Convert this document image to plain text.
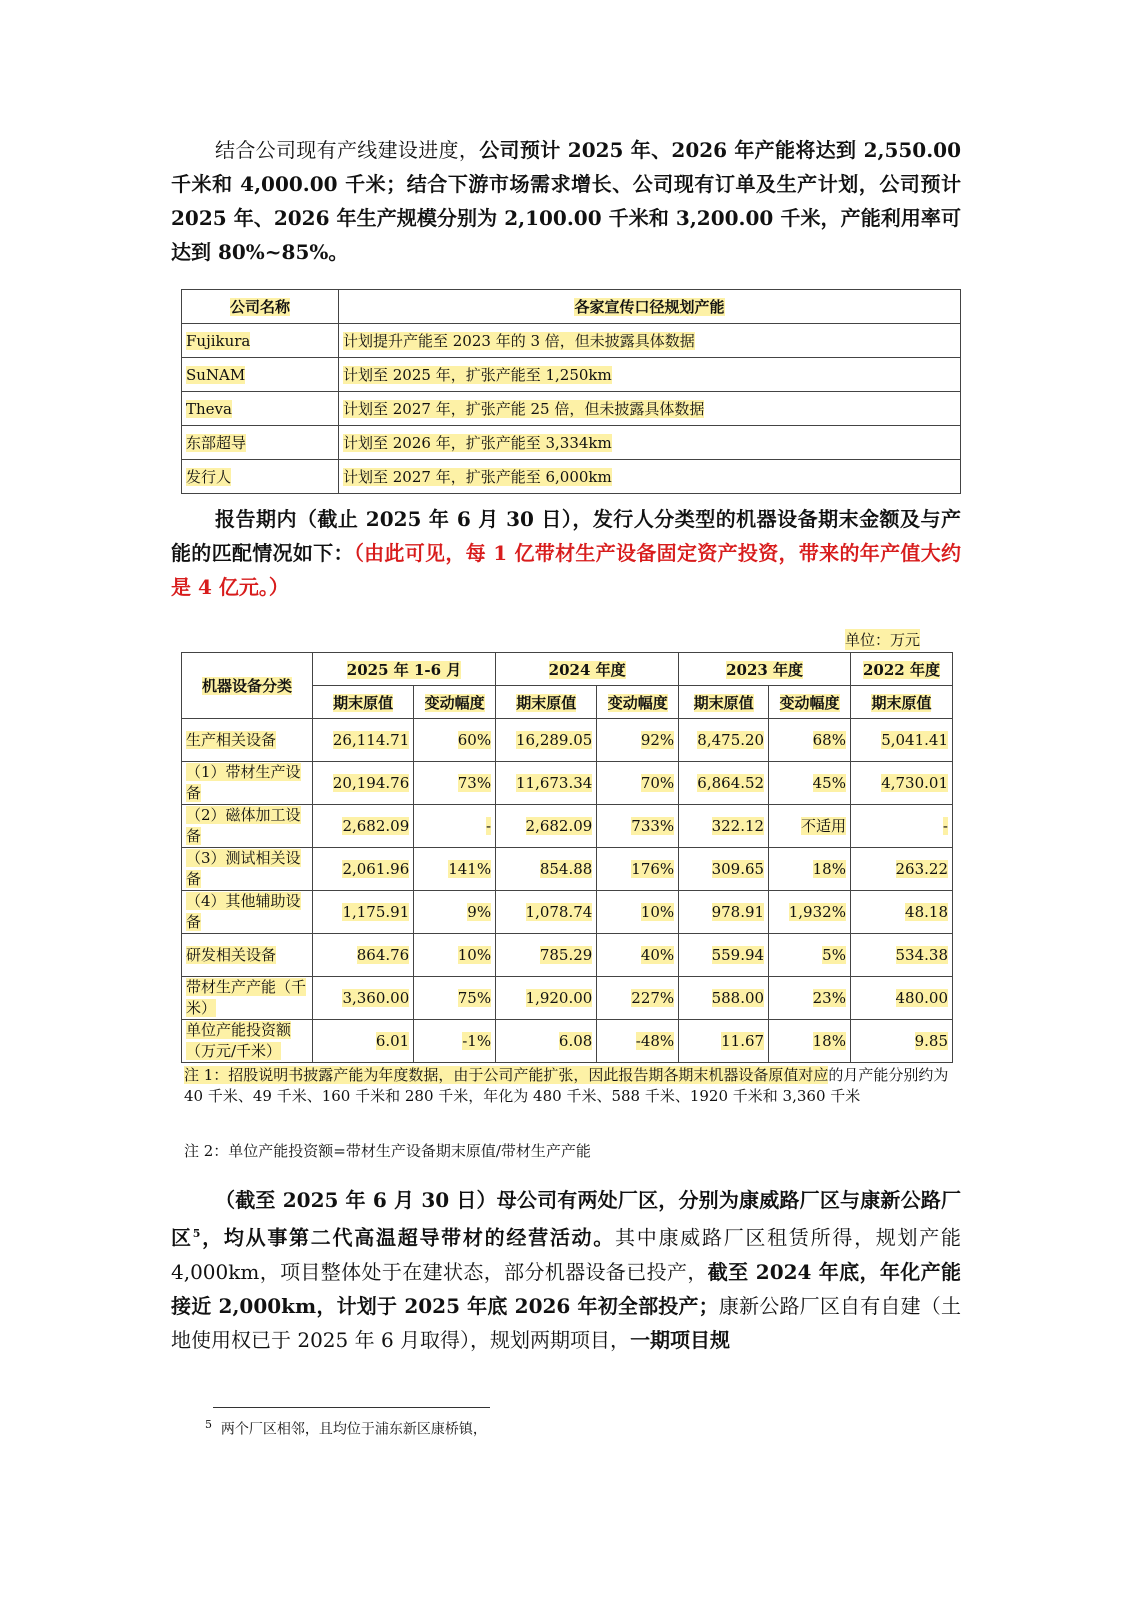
结合公司现有产线建设进度，公司预计 2025 年、2026 年产能将达到 2,550.00 千米和 4,000.00 千米；结合下游市场需求增长、公司现有订单及生产计划，公司预计 2025 年、2026 年生产规模分别为 2,100.00 千米和 3,200.00 千米，产能利用率可达到 80%~85%。

公司名称	各家宣传口径规划产能
Fujikura	计划提升产能至 2023 年的 3 倍，但未披露具体数据
SuNAM	计划至 2025 年，扩张产能至 1,250km
Theva	计划至 2027 年，扩张产能 25 倍，但未披露具体数据
东部超导	计划至 2026 年，扩张产能至 3,334km
发行人	计划至 2027 年，扩张产能至 6,000km

报告期内（截止 2025 年 6 月 30 日），发行人分类型的机器设备期末金额及与产能的匹配情况如下：（由此可见，每 1 亿带材生产设备固定资产投资，带来的年产值大约是 4 亿元。）

单位：万元
机器设备分类	2025 年 1-6 月		2024 年度		2023 年度		2022 年度
	期末原值	变动幅度	期末原值	变动幅度	期末原值	变动幅度	期末原值
生产相关设备	26,114.71	60%	16,289.05	92%	8,475.20	68%	5,041.41
（1）带材生产设备	20,194.76	73%	11,673.34	70%	6,864.52	45%	4,730.01
（2）磁体加工设备	2,682.09	-	2,682.09	733%	322.12	不适用	-
（3）测试相关设备	2,061.96	141%	854.88	176%	309.65	18%	263.22
（4）其他辅助设备	1,175.91	9%	1,078.74	10%	978.91	1,932%	48.18
研发相关设备	864.76	10%	785.29	40%	559.94	5%	534.38
带材生产产能（千米）	3,360.00	75%	1,920.00	227%	588.00	23%	480.00
单位产能投资额（万元/千米）	6.01	-1%	6.08	-48%	11.67	18%	9.85

注 1：招股说明书披露产能为年度数据，由于公司产能扩张，因此报告期各期末机器设备原值对应的月产能分别约为 40 千米、49 千米、160 千米和 280 千米，年化为 480 千米、588 千米、1920 千米和 3,360 千米

注 2：单位产能投资额=带材生产设备期末原值/带材生产产能

（截至 2025 年 6 月 30 日）母公司有两处厂区，分别为康威路厂区与康新公路厂区$^5$，均从事第二代高温超导带材的经营活动。其中康威路厂区租赁所得，规划产能 4,000km，项目整体处于在建状态，部分机器设备已投产，截至 2024 年底，年化产能接近 2,000km，计划于 2025 年底 2026 年初全部投产；康新公路厂区自有自建（土地使用权已于 2025 年 6 月取得），规划两期项目，一期项目规

$^5$ 两个厂区相邻，且均位于浦东新区康桥镇，
